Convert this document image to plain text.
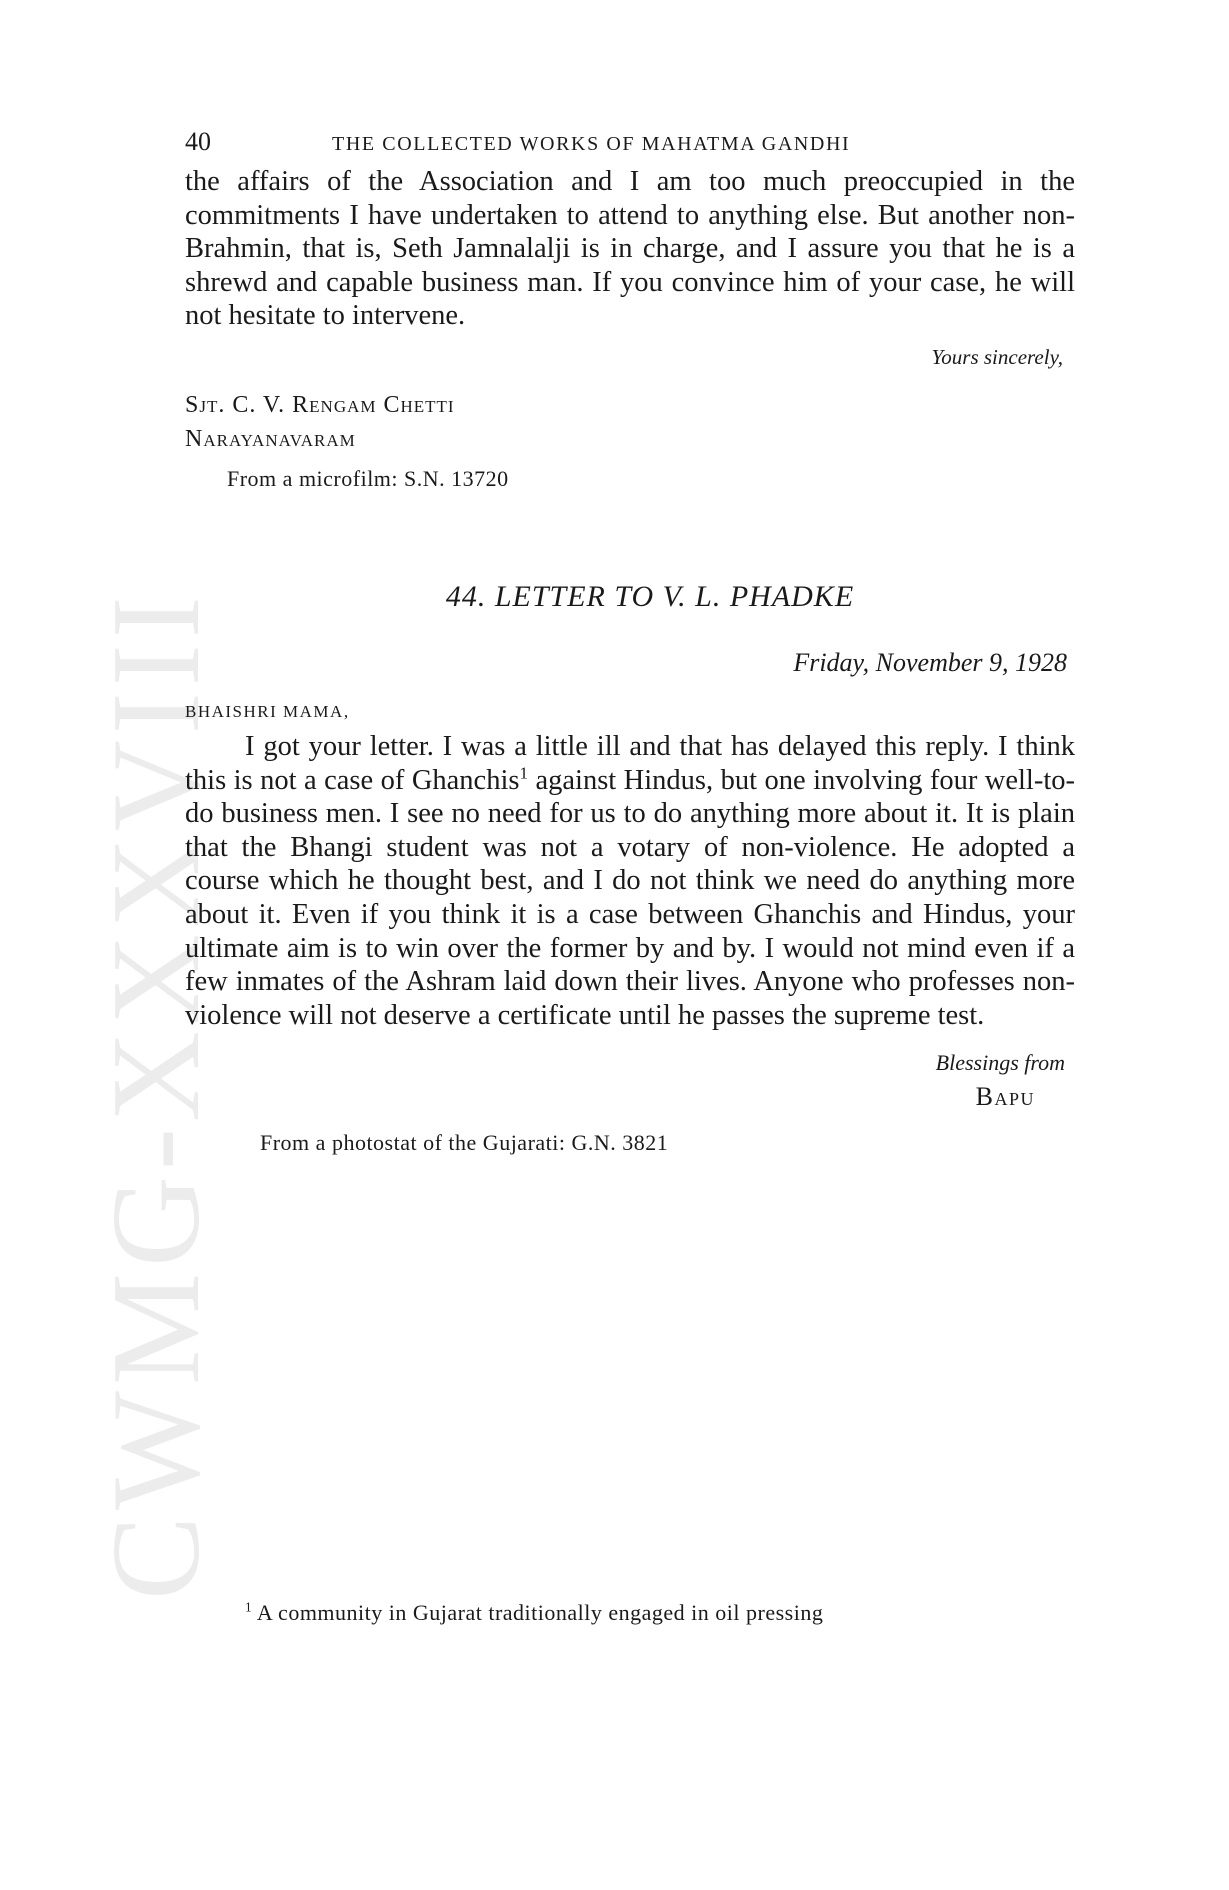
CWMG-XXXVIII
40	THE COLLECTED WORKS OF MAHATMA GANDHI

the affairs of the Association and I am too much preoccupied in the commitments I have undertaken to attend to anything else. But another non-Brahmin, that is, Seth Jamnalalji is in charge, and I assure you that he is a shrewd and capable business man. If you convince him of your case, he will not hesitate to intervene.

Yours sincerely,
Sjt. C. V. Rengam Chetti
Narayanavaram
From a microfilm: S.N. 13720
44. LETTER TO V. L. PHADKE
Friday, November 9, 1928
BHAISHRI MAMA,

I got your letter. I was a little ill and that has delayed this reply. I think this is not a case of Ghanchis$^1$ against Hindus, but one involving four well-to-do business men. I see no need for us to do anything more about it. It is plain that the Bhangi student was not a votary of non-violence. He adopted a course which he thought best, and I do not think we need do anything more about it. Even if you think it is a case between Ghanchis and Hindus, your ultimate aim is to win over the former by and by. I would not mind even if a few inmates of the Ashram laid down their lives. Anyone who professes non-violence will not deserve a certificate until he passes the supreme test.

Blessings from
Bapu
From a photostat of the Gujarati: G.N. 3821
$^1$ A community in Gujarat traditionally engaged in oil pressing
